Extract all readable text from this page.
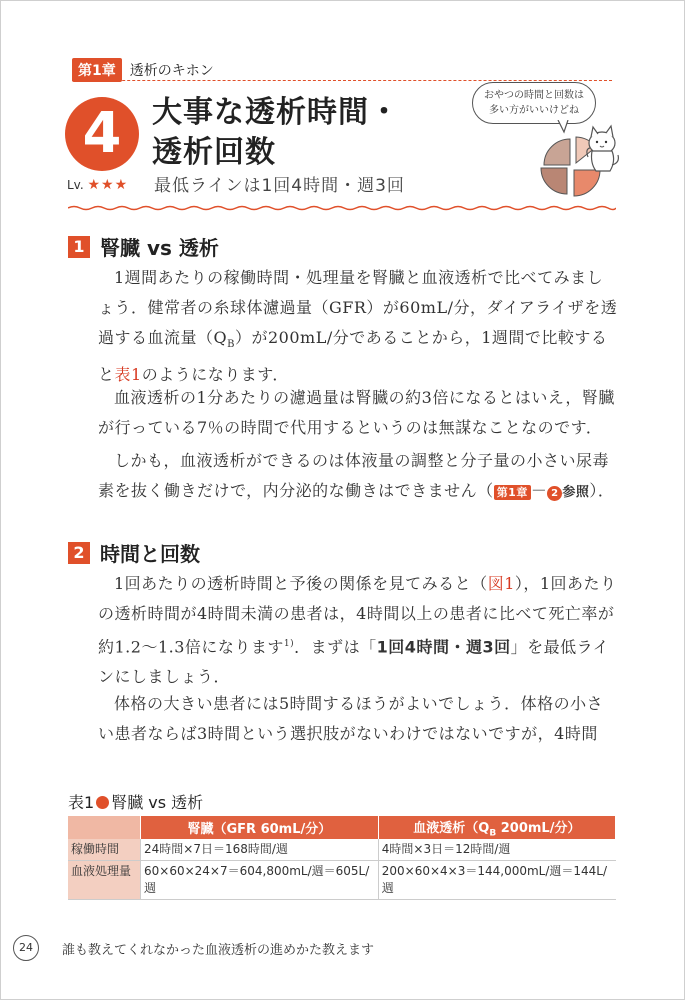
第1章	透析のキホン
4
Lv. ★★★
大事な透析時間・
透析回数
最低ラインは1回4時間・週3回
おやつの時間と回数は
多い方がいいけどね
1 腎臓 vs 透析
1週間あたりの稼働時間・処理量を腎臓と血液透析で比べてみましょう．健常者の糸球体濾過量（GFR）が60mL/分，ダイアライザを透過する血流量$(Q_B)$が200mL/分であることから，1週間で比較すると表1のようになります．
血液透析の1分あたりの濾過量は腎臓の約3倍になるとはいえ，腎臓が行っている7％の時間で代用するというのは無謀なことなのです．
しかも，血液透析ができるのは体液量の調整と分子量の小さい尿毒素を抜く働きだけで，内分泌的な働きはできません（ 第1章 － 2 参照）．
2 時間と回数
1回あたりの透析時間と予後の関係を見てみると（図1），1回あたりの透析時間が4時間未満の患者は，4時間以上の患者に比べて死亡率が約1.2～1.3倍になります$^{1)}$．まずは「1回4時間・週3回」を最低ラインにしましょう．
体格の大きい患者には5時間するほうがよいでしょう．体格の小さい患者ならば3時間という選択肢がないわけではないですが，4時間
表1 腎臓 vs 透析
	腎臓（GFR 60mL/分）	血液透析（$Q_B$ 200mL/分）
稼働時間	24時間×7日＝168時間/週	4時間×3日＝12時間/週
血液処理量	60×60×24×7＝604,800mL/週＝605L/週	200×60×4×3＝144,000mL/週＝144L/週
24	誰も教えてくれなかった血液透析の進めかた教えます
